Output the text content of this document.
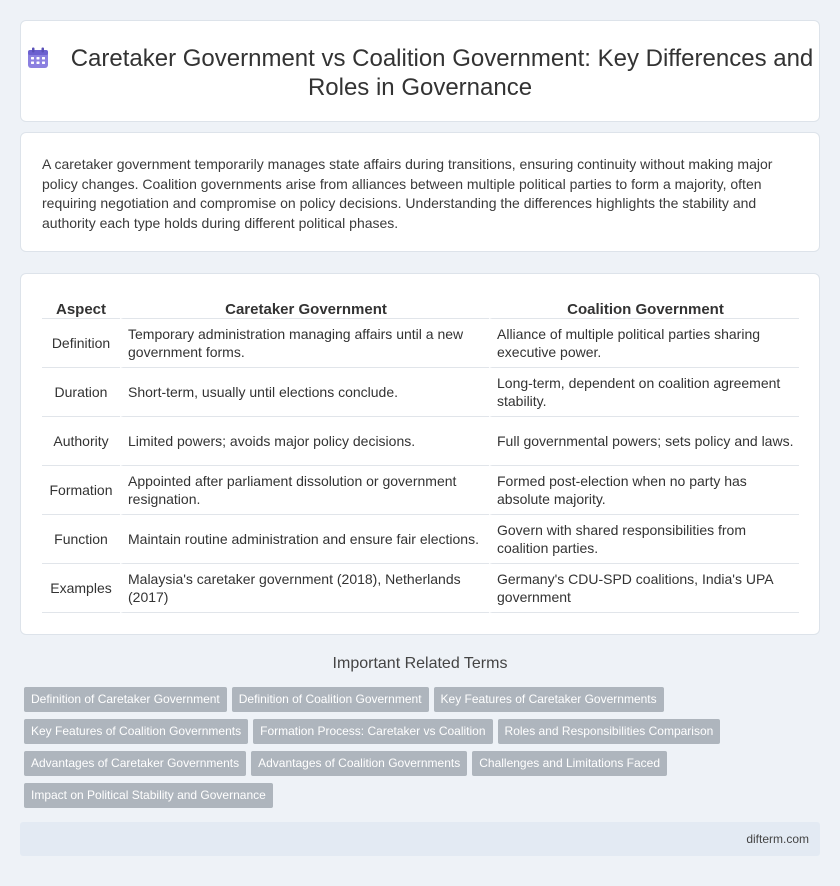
Caretaker Government vs Coalition Government: Key Differences and Roles in Governance

A caretaker government temporarily manages state affairs during transitions, ensuring continuity without making major policy changes. Coalition governments arise from alliances between multiple political parties to form a majority, often requiring negotiation and compromise on policy decisions. Understanding the differences highlights the stability and authority each type holds during different political phases.

Aspect	Caretaker Government	Coalition Government
Definition	Temporary administration managing affairs until a new government forms.	Alliance of multiple political parties sharing executive power.
Duration	Short-term, usually until elections conclude.	Long-term, dependent on coalition agreement stability.
Authority	Limited powers; avoids major policy decisions.	Full governmental powers; sets policy and laws.
Formation	Appointed after parliament dissolution or government resignation.	Formed post-election when no party has absolute majority.
Function	Maintain routine administration and ensure fair elections.	Govern with shared responsibilities from coalition parties.
Examples	Malaysia's caretaker government (2018), Netherlands (2017)	Germany's CDU-SPD coalitions, India's UPA government
Important Related Terms
Definition of Caretaker Government Definition of Coalition Government Key Features of Caretaker Governments
Key Features of Coalition Governments Formation Process: Caretaker vs Coalition Roles and Responsibilities Comparison
Advantages of Caretaker Governments Advantages of Coalition Governments Challenges and Limitations Faced
Impact on Political Stability and Governance
difterm.com
